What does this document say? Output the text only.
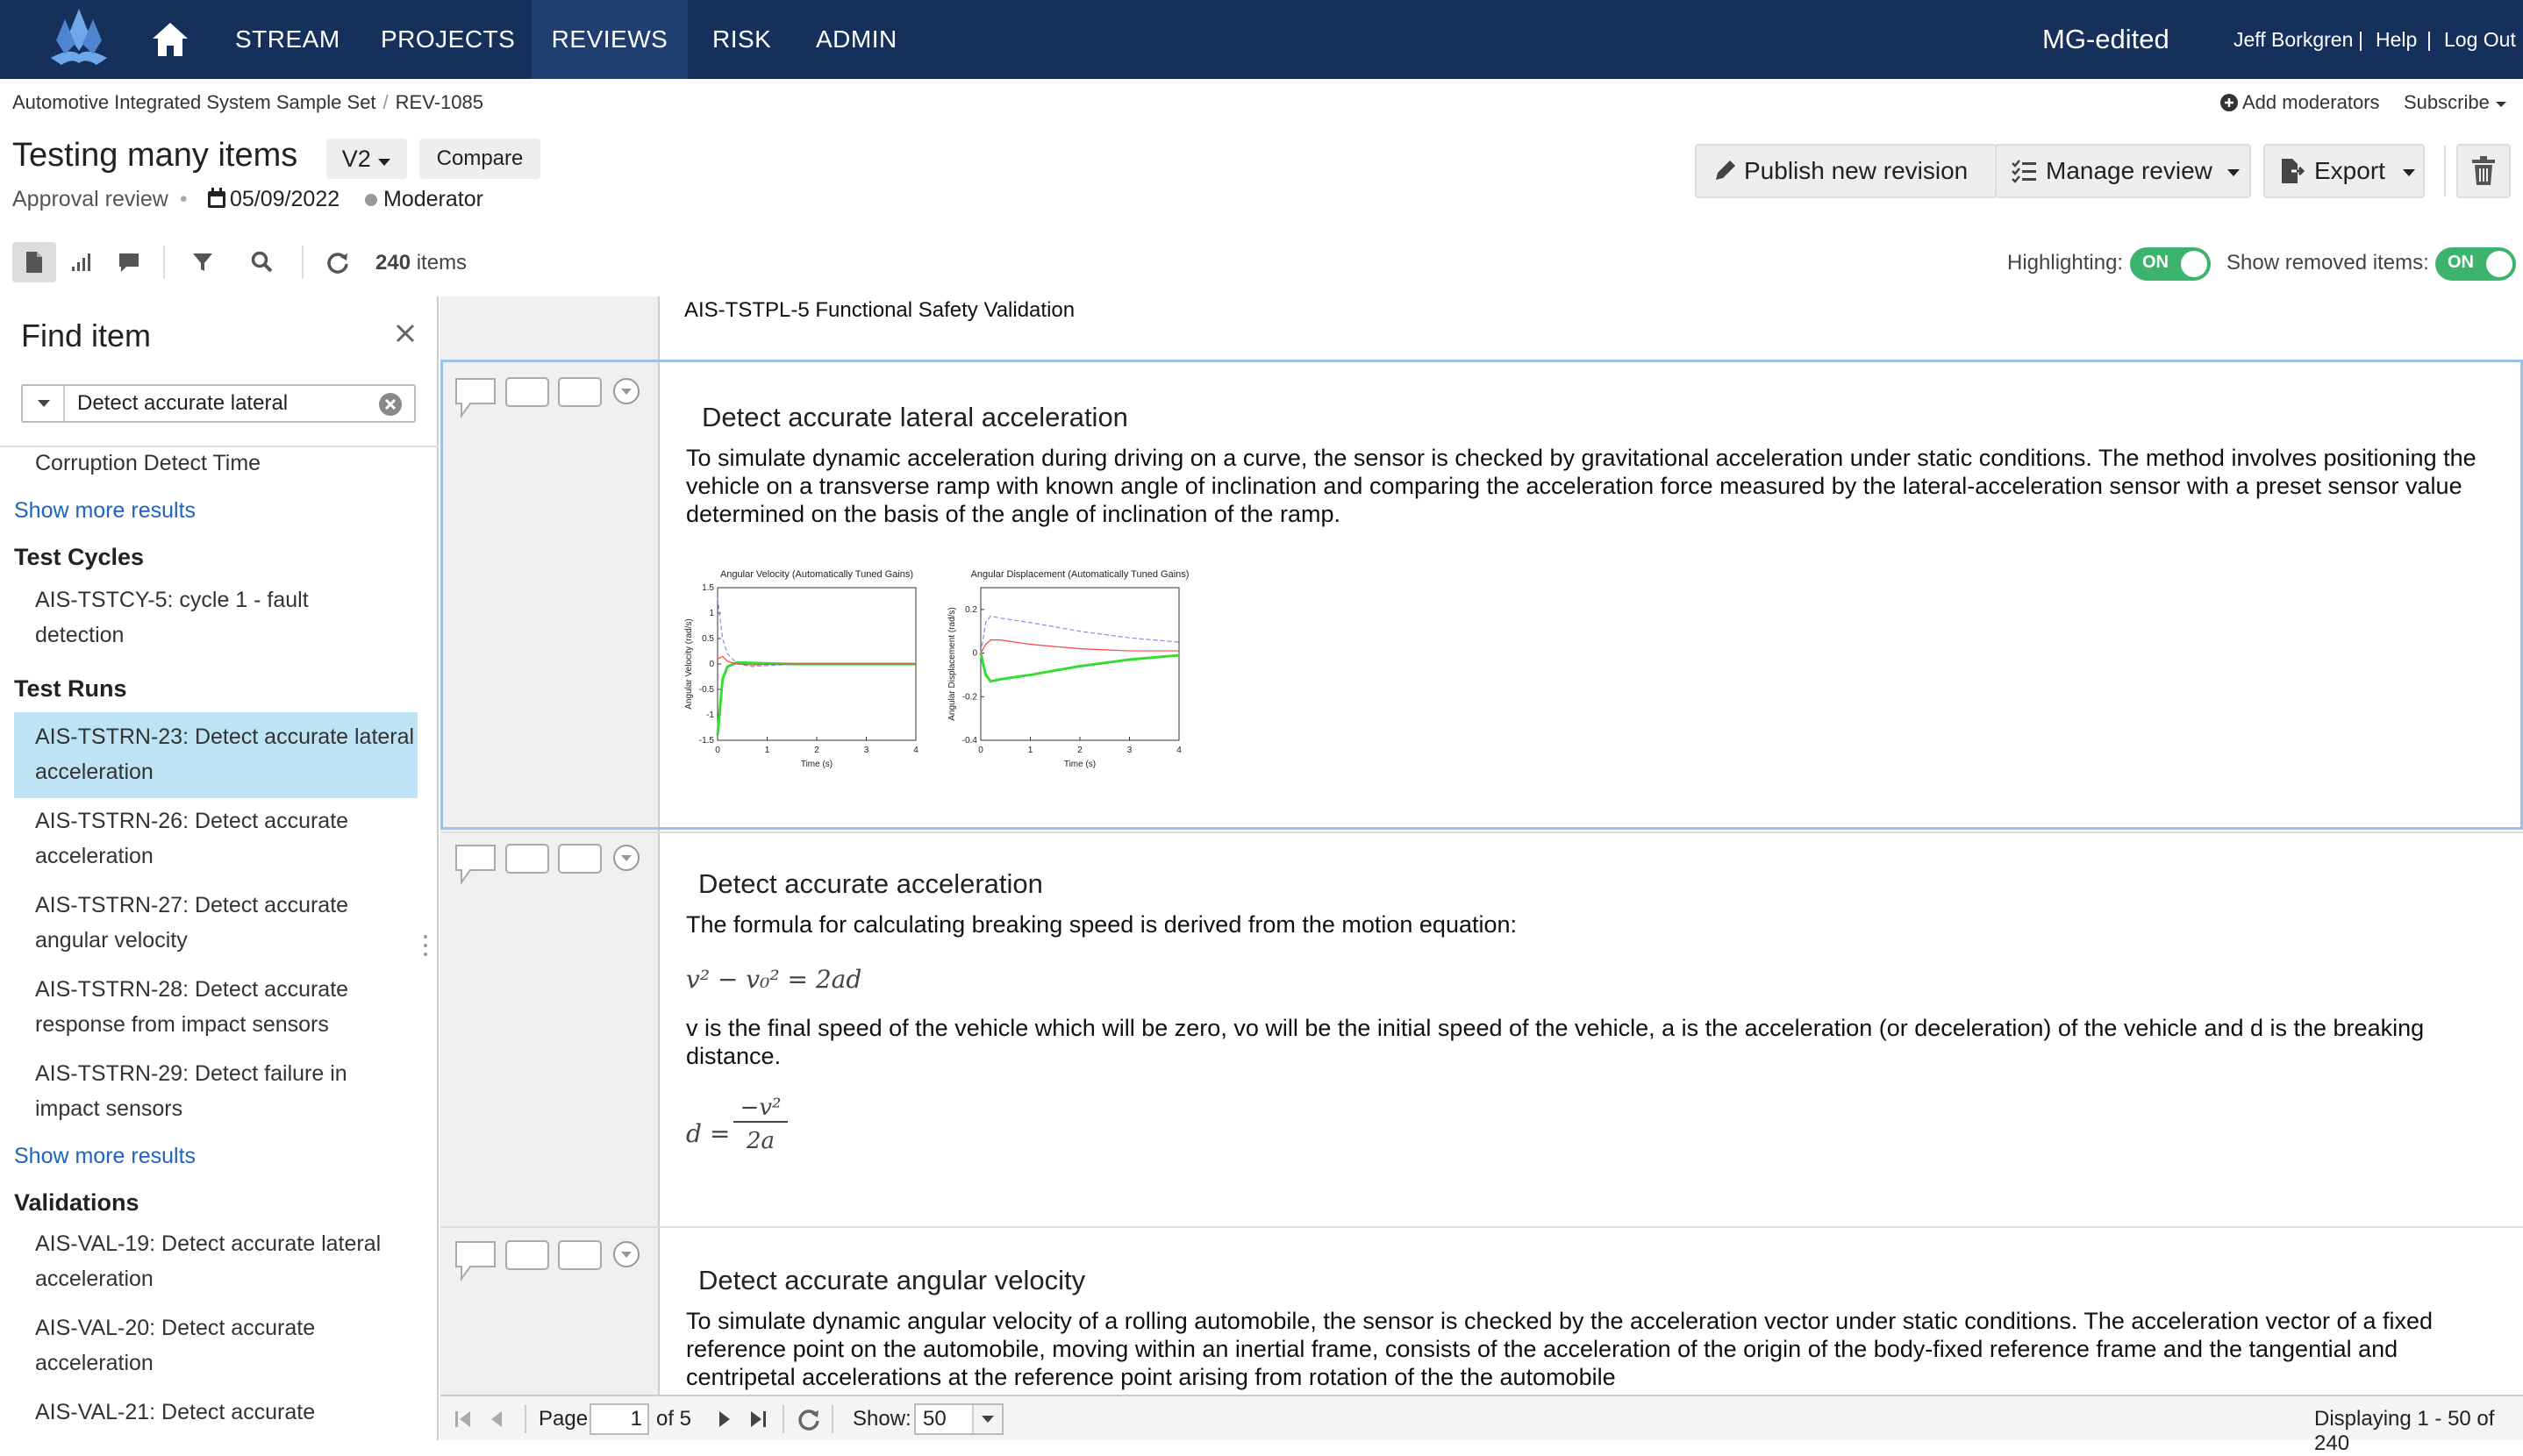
STREAM	PROJECTS	REVIEWS	RISK	ADMIN	MG-edited	Jeff Borkgren | Help | Log Out
Automotive Integrated System Sample Set / REV-1085	Add moderators Subscribe
Testing many items	V2	Compare
Approval review •	05/09/2022	Moderator
Publish new revision	Manage review	Export
240 items	Highlighting: ON	Show removed items: ON
Find item
Detect accurate lateral
Corruption Detect Time
Show more results
Test Cycles
AIS-TSTCY-5: cycle 1 - fault detection
Test Runs
AIS-TSTRN-23: Detect accurate lateral acceleration
AIS-TSTRN-26: Detect accurate acceleration
AIS-TSTRN-27: Detect accurate angular velocity
AIS-TSTRN-28: Detect accurate response from impact sensors
AIS-TSTRN-29: Detect failure in impact sensors
Show more results
Validations
AIS-VAL-19: Detect accurate lateral acceleration
AIS-VAL-20: Detect accurate acceleration
AIS-VAL-21: Detect accurate
AIS-TSTPL-5 Functional Safety Validation
Detect accurate lateral acceleration
To simulate dynamic acceleration during driving on a curve, the sensor is checked by gravitational acceleration under static conditions. The method involves positioning the vehicle on a transverse ramp with known angle of inclination and comparing the acceleration force measured by the lateral-acceleration sensor with a preset sensor value determined on the basis of the angle of inclination of the ramp.
Angular Velocity (Automatically Tuned Gains)
0	1	2	3	4
1.5
1
0.5
0
-0.5
-1
-1.5
Time (s)
Angular Velocity (rad/s)
Angular Displacement (Automatically Tuned Gains)
0	1	2	3	4
0.2
0
-0.2
-0.4
Time (s)
Angular Displacement (rad/s)
Detect accurate acceleration
The formula for calculating breaking speed is derived from the motion equation:
v² − v₀² = 2ad
v is the final speed of the vehicle which will be zero, vo will be the initial speed of the vehicle, a is the acceleration (or deceleration) of the vehicle and d is the breaking distance.
d =
−v²
2a
Detect accurate angular velocity
To simulate dynamic angular velocity of a rolling automobile, the sensor is checked by the acceleration vector under static conditions. The acceleration vector of a fixed reference point on the automobile, moving within an inertial frame, consists of the acceleration of the origin of the body-fixed reference frame and the tangential and centripetal accelerations at the reference point arising from rotation of the the automobile
Page	1 of 5	Show: 50	Displaying 1 - 50 of 240
